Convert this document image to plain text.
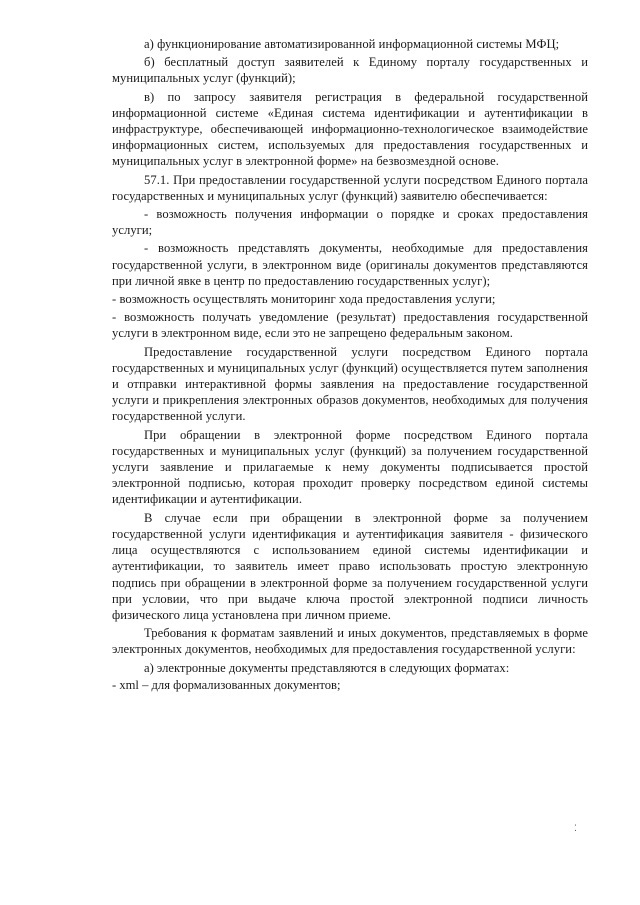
а) функционирование автоматизированной информационной системы МФЦ;

б) бесплатный доступ заявителей к Единому порталу государственных и муниципальных услуг (функций);

в) по запросу заявителя регистрация в федеральной государственной информационной системе «Единая система идентификации и аутентификации в инфраструктуре, обеспечивающей информационно-технологическое взаимодействие информационных систем, используемых для предоставления государственных и муниципальных услуг в электронной форме» на безвозмездной основе.

57.1. При предоставлении государственной услуги посредством Единого портала государственных и муниципальных услуг (функций) заявителю обеспечивается:

- возможность получения информации о порядке и сроках предоставления услуги;

- возможность представлять документы, необходимые для предоставления государственной услуги, в электронном виде (оригиналы документов представляются при личной явке в центр по предоставлению государственных услуг);

- возможность осуществлять мониторинг хода предоставления услуги;

- возможность получать уведомление (результат) предоставления государственной услуги в электронном виде, если это не запрещено федеральным законом.

Предоставление государственной услуги посредством Единого портала государственных и муниципальных услуг (функций) осуществляется путем заполнения и отправки интерактивной формы заявления на предоставление государственной услуги и прикрепления электронных образов документов, необходимых для получения государственной услуги.

При обращении в электронной форме посредством Единого портала государственных и муниципальных услуг (функций) за получением государственной услуги заявление и прилагаемые к нему документы подписывается простой электронной подписью, которая проходит проверку посредством единой системы идентификации и аутентификации.

В случае если при обращении в электронной форме за получением государственной услуги идентификация и аутентификация заявителя - физического лица осуществляются с использованием единой системы идентификации и аутентификации, то заявитель имеет право использовать простую электронную подпись при обращении в электронной форме за получением государственной услуги при условии, что при выдаче ключа простой электронной подписи личность физического лица установлена при личном приеме.

Требования к форматам заявлений и иных документов, представляемых в форме электронных документов, необходимых для предоставления государственной услуги:

а) электронные документы представляются в следующих форматах:

- xml – для формализованных документов;

⁚
